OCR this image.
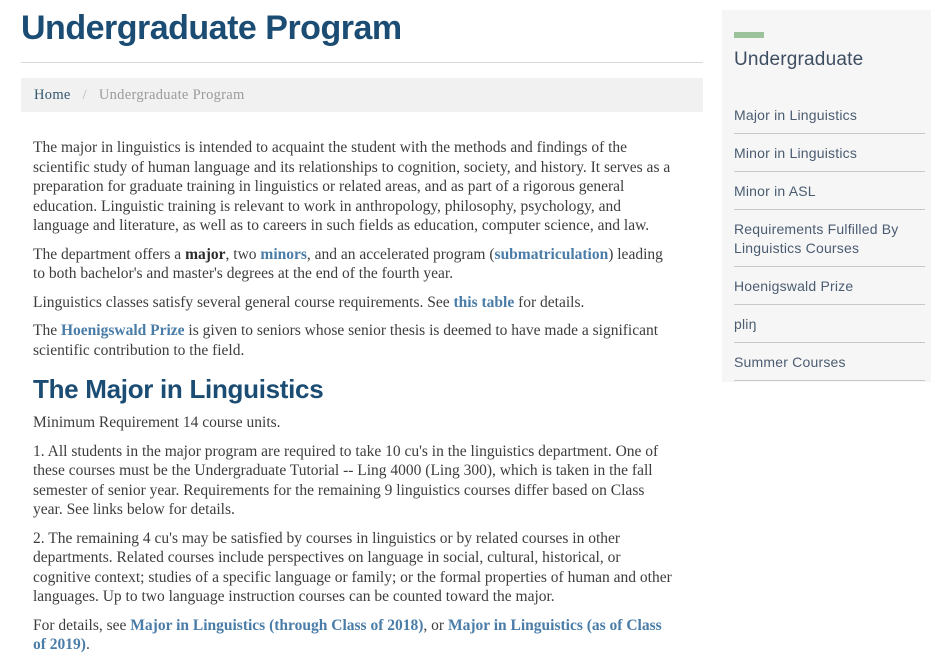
Undergraduate Program
Home / Undergraduate Program

The major in linguistics is intended to acquaint the student with the methods and findings of the scientific study of human language and its relationships to cognition, society, and history. It serves as a preparation for graduate training in linguistics or related areas, and as part of a rigorous general education. Linguistic training is relevant to work in anthropology, philosophy, psychology, and language and literature, as well as to careers in such fields as education, computer science, and law.

The department offers a major, two minors, and an accelerated program (submatriculation) leading to both bachelor's and master's degrees at the end of the fourth year.

Linguistics classes satisfy several general course requirements. See this table for details.

The Hoenigswald Prize is given to seniors whose senior thesis is deemed to have made a significant scientific contribution to the field.

The Major in Linguistics

Minimum Requirement 14 course units.

1. All students in the major program are required to take 10 cu's in the linguistics department. One of these courses must be the Undergraduate Tutorial -- Ling 4000 (Ling 300), which is taken in the fall semester of senior year. Requirements for the remaining 9 linguistics courses differ based on Class year. See links below for details.

2. The remaining 4 cu's may be satisfied by courses in linguistics or by related courses in other departments. Related courses include perspectives on language in social, cultural, historical, or cognitive context; studies of a specific language or family; or the formal properties of human and other languages. Up to two language instruction courses can be counted toward the major.

For details, see Major in Linguistics (through Class of 2018), or Major in Linguistics (as of Class of 2019).

Undergraduate
Major in Linguistics
Minor in Linguistics
Minor in ASL
Requirements Fulfilled By Linguistics Courses
Hoenigswald Prize
pliŋ
Summer Courses
